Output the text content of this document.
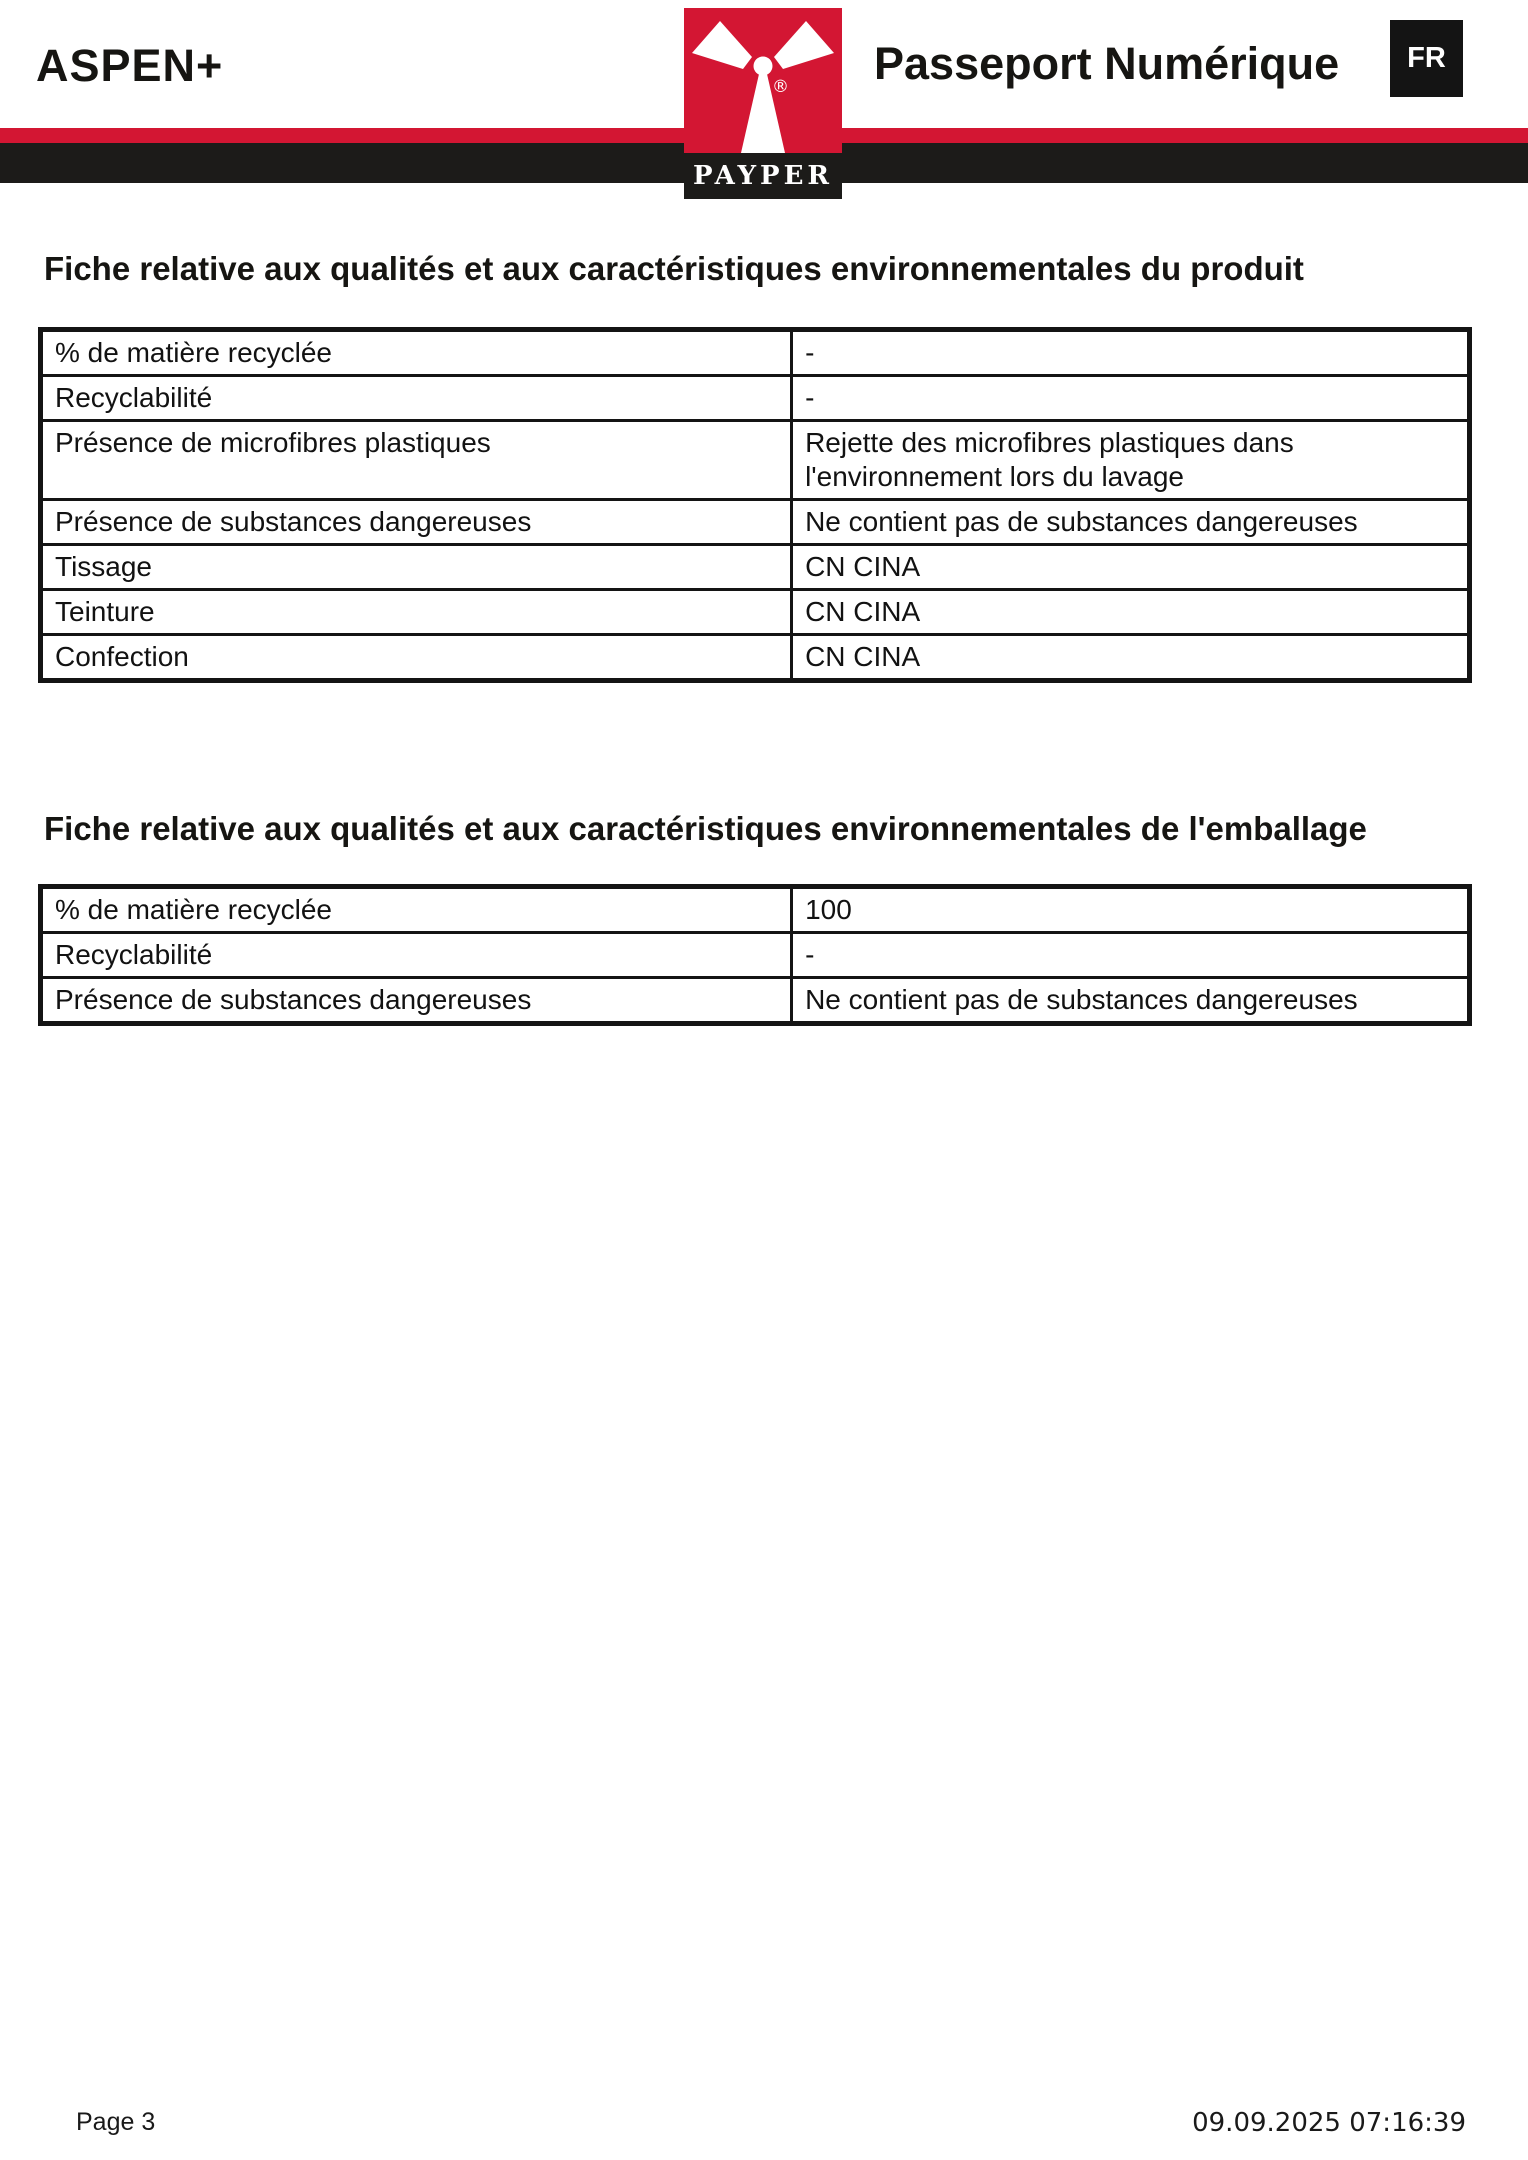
ASPEN+	Passeport Numérique	FR
®
PAYPER
Fiche relative aux qualités et aux caractéristiques environnementales du produit
% de matière recyclée	-
Recyclabilité	-
Présence de microfibres plastiques	Rejette des microfibres plastiques dans l'environnement lors du lavage
Présence de substances dangereuses	Ne contient pas de substances dangereuses
Tissage	CN CINA
Teinture	CN CINA
Confection	CN CINA
Fiche relative aux qualités et aux caractéristiques environnementales de l'emballage
% de matière recyclée	100
Recyclabilité	-
Présence de substances dangereuses	Ne contient pas de substances dangereuses
Page 3	09.09.2025 07:16:39
